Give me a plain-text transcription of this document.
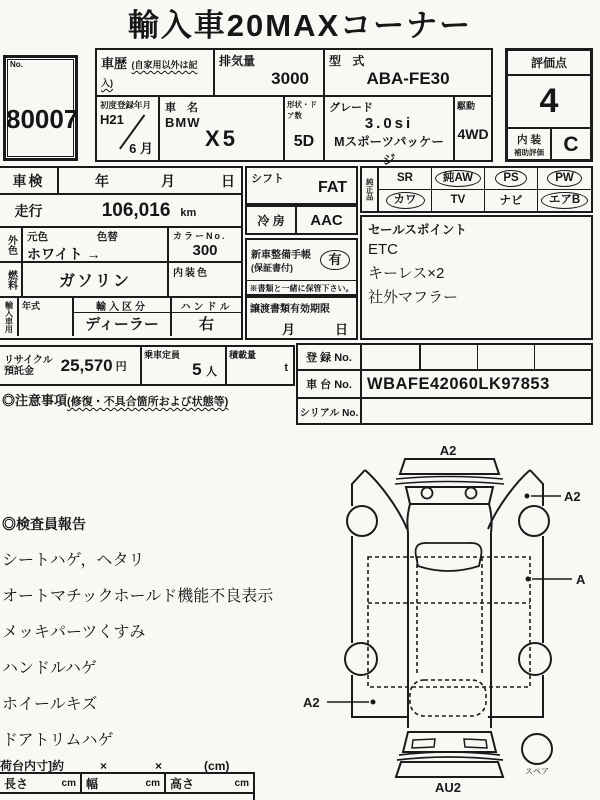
輸入車20MAXコーナー
No.
80007
車歴 (自家用以外は記入)
排気量
3000
型 式
ABA-FE30
初度登録年月
H21
6 月
車 名
BMW
X5
形状・ドア数
5D
グレード
3.0si
Mスポーツパッケージ
駆動
4WD
評価点
4
内 装
補助評価 C
車検	年	月	日
走行	106,016 km
外色	元色	色替
ホワイト →
カラーNo.
300
燃料	ガソリン	内装色
輸入車用 年式	輸入区分
ディーラー
ハンドル
右
シフト FAT
冷 房	AAC
新車整備手帳
(保証書付)
有
※書類と一緒に保管下さい。
譲渡書類有効期限
月	日
純正品	SR	純AW	PS	PW
カワ	TV	ナビ	エアB
セールスポイント
ETC
キーレス×2
社外マフラー
リサイクル
預託金	25,570 円
乗車定員
5 人
積載量
t
◎注意事項(修復・不具合箇所および状態等)
登 録 No.
車 台 No. WBAFE42060LK97853
シリアル No.
◎検査員報告
シートハゲ，ヘタリ
オートマチックホールド機能不良表示
メッキパーツくすみ
ハンドルハゲ
ホイールキズ
ドアトリムハゲ
A2
A2
A
A2
AU2
スペア
荷台内寸]約	×	×	(cm)
長さ	cm 幅	cm 高さ	cm
